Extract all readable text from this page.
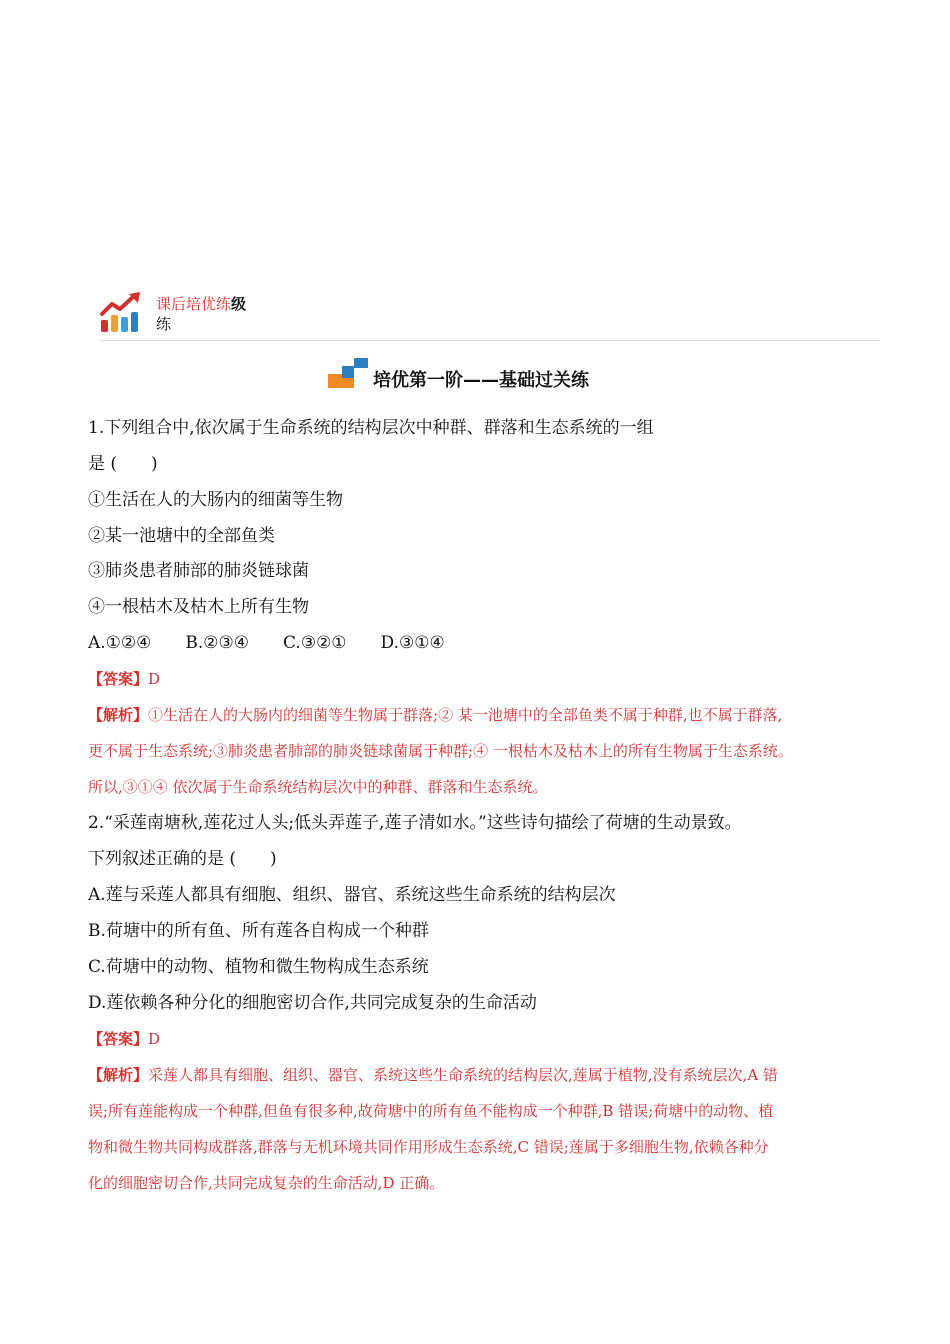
课后培优练级
练
培优第一阶——基础过关练
1.下列组合中,依次属于生命系统的结构层次中种群、群落和生态系统的一组
是 (　　)
①生活在人的大肠内的细菌等生物
②某一池塘中的全部鱼类
③肺炎患者肺部的肺炎链球菌
④一根枯木及枯木上所有生物
A.①②④　　B.②③④　　C.③②①　　D.③①④
【答案】D
【解析】①生活在人的大肠内的细菌等生物属于群落;② 某一池塘中的全部鱼类不属于种群,也不属于群落,
更不属于生态系统;③肺炎患者肺部的肺炎链球菌属于种群;④ 一根枯木及枯木上的所有生物属于生态系统。
所以,③①④ 依次属于生命系统结构层次中的种群、群落和生态系统。
2.“采莲南塘秋,莲花过人头;低头弄莲子,莲子清如水。”这些诗句描绘了荷塘的生动景致。
下列叙述正确的是 (　　)
A.莲与采莲人都具有细胞、组织、器官、系统这些生命系统的结构层次
B.荷塘中的所有鱼、所有莲各自构成一个种群
C.荷塘中的动物、植物和微生物构成生态系统
D.莲依赖各种分化的细胞密切合作,共同完成复杂的生命活动
【答案】D
【解析】采莲人都具有细胞、组织、器官、系统这些生命系统的结构层次,莲属于植物,没有系统层次,A 错
误;所有莲能构成一个种群,但鱼有很多种,故荷塘中的所有鱼不能构成一个种群,B 错误;荷塘中的动物、植
物和微生物共同构成群落,群落与无机环境共同作用形成生态系统,C 错误;莲属于多细胞生物,依赖各种分
化的细胞密切合作,共同完成复杂的生命活动,D 正确。
